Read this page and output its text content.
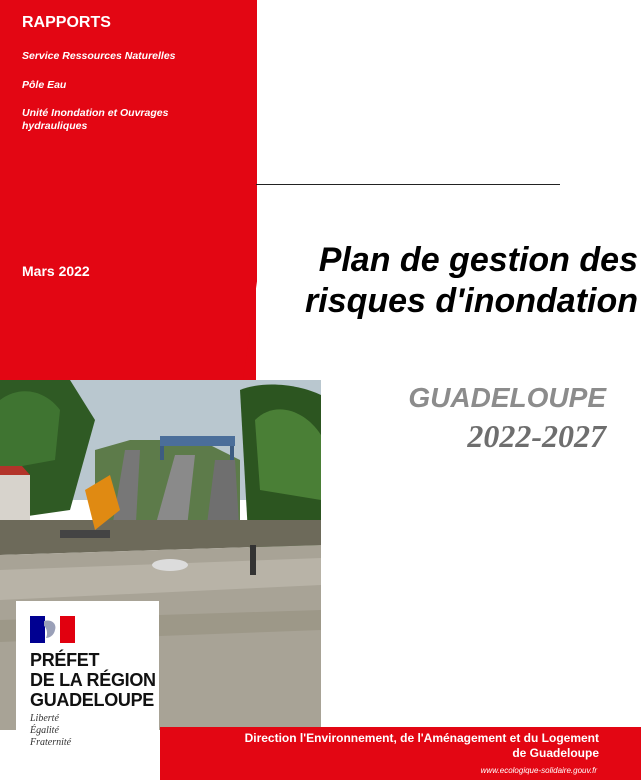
RAPPORTS
Service Ressources Naturelles
Pôle Eau
Unité Inondation et Ouvrages hydrauliques
Mars 2022	Plan de gestion des
risques d'inondation
GUADELOUPE
2022-2027
PRÉFET
DE LA RÉGION
GUADELOUPE
Liberté
Égalité
Fraternité	Direction l'Environnement, de l'Aménagement et du Logement
de Guadeloupe
www.ecologique-solidaire.gouv.fr
